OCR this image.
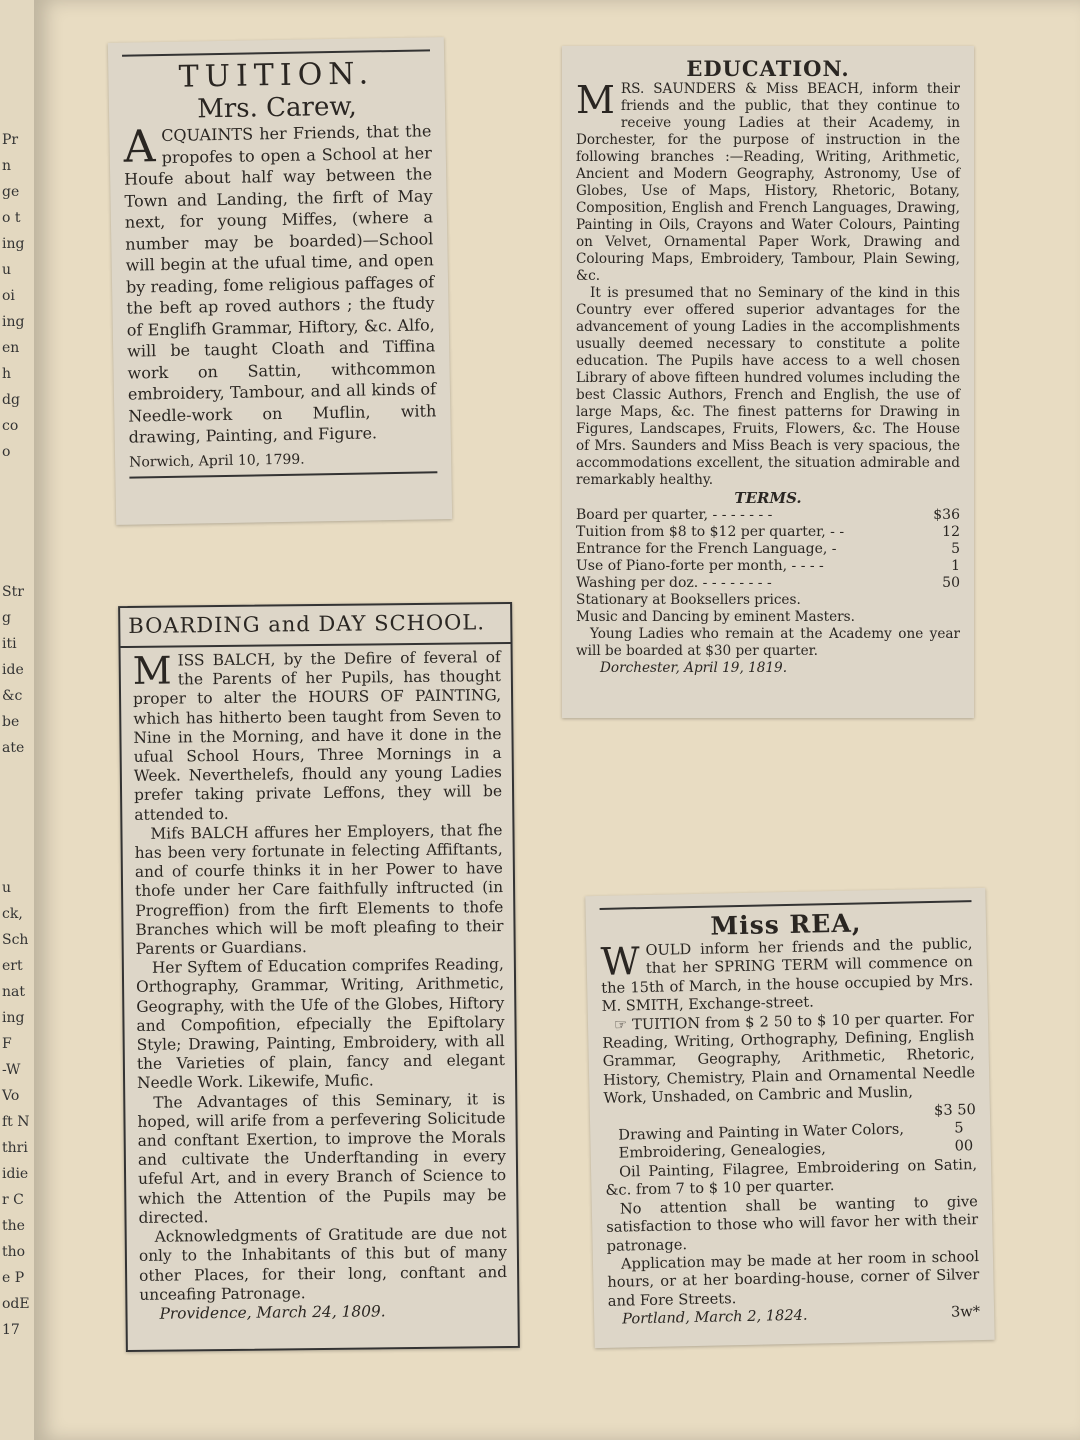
Pr
n
ge
o t
ing
u
oi
ing
en
h
dg
co
o
Str
g
iti
ide
&c
be
ate
u
ck,
Sch
ert
nat
ing
F
-W
Vo
ft N
thri
idie
r C
the
tho
e P
odE
17

TUITION.

Mrs. Carew,

ACQUAINTS her Friends, that the propofes to open a School at her Houfe about half way between the Town and Landing, the firft of May next, for young Miffes, (where a number may be boarded)—School will begin at the ufual time, and open by reading, fome religious paffages of the beft ap roved authors ; the ftudy of Englifh Grammar, Hiftory, &c. Alfo, will be taught Cloath and Tiffina work on Sattin, withcommon embroidery, Tambour, and all kinds of Needle-work on Muflin, with drawing, Painting, and Figure.

Norwich, April 10, 1799.

EDUCATION.

MRS. SAUNDERS & Miss BEACH, inform their friends and the public, that they continue to receive young Ladies at their Academy, in Dorchester, for the purpose of instruction in the following branches :—Reading, Writing, Arithmetic, Ancient and Modern Geography, Astronomy, Use of Globes, Use of Maps, History, Rhetoric, Botany, Composition, English and French Languages, Drawing, Painting in Oils, Crayons and Water Colours, Painting on Velvet, Ornamental Paper Work, Drawing and Colouring Maps, Embroidery, Tambour, Plain Sewing, &c.

It is presumed that no Seminary of the kind in this Country ever offered superior advantages for the advancement of young Ladies in the accomplishments usually deemed necessary to constitute a polite education. The Pupils have access to a well chosen Library of above fifteen hundred volumes including the best Classic Authors, French and English, the use of large Maps, &c. The finest patterns for Drawing in Figures, Landscapes, Fruits, Flowers, &c. The House of Mrs. Saunders and Miss Beach is very spacious, the accommodations excellent, the situation admirable and remarkably healthy.

TERMS.

Board per quarter, - - - - - - -	$36
Tuition from $8 to $12 per quarter, - -	12
Entrance for the French Language, -	5
Use of Piano-forte per month, - - - -	1
Washing per doz. - - - - - - - -	50

Stationary at Booksellers prices.

Music and Dancing by eminent Masters.

Young Ladies who remain at the Academy one year will be boarded at $30 per quarter.

Dorchester, April 19, 1819.

BOARDING and DAY SCHOOL.

MISS BALCH, by the Defire of feveral of the Parents of her Pupils, has thought proper to alter the HOURS OF PAINTING, which has hitherto been taught from Seven to Nine in the Morning, and have it done in the ufual School Hours, Three Mornings in a Week. Neverthelefs, fhould any young Ladies prefer taking private Leffons, they will be attended to.

Mifs BALCH affures her Employers, that fhe has been very fortunate in felecting Affiftants, and of courfe thinks it in her Power to have thofe under her Care faithfully inftructed (in Progreffion) from the firft Elements to thofe Branches which will be moft pleafing to their Parents or Guardians.

Her Syftem of Education comprifes Reading, Orthography, Grammar, Writing, Arithmetic, Geography, with the Ufe of the Globes, Hiftory and Compofition, efpecially the Epiftolary Style; Drawing, Painting, Embroidery, with all the Varieties of plain, fancy and elegant Needle Work. Likewife, Mufic.

The Advantages of this Seminary, it is hoped, will arife from a perfevering Solicitude and conftant Exertion, to improve the Morals and cultivate the Underftanding in every ufeful Art, and in every Branch of Science to which the Attention of the Pupils may be directed.

Acknowledgments of Gratitude are due not only to the Inhabitants of this but of many other Places, for their long, conftant and unceafing Patronage.

Providence, March 24, 1809.

Miss REA,

WOULD inform her friends and the public, that her SPRING TERM will commence on the 15th of March, in the house occupied by Mrs. M. SMITH, Exchange-street.

☞ TUITION from $ 2 50 to $ 10 per quarter. For Reading, Writing, Orthography, Defining, English Grammar, Geography, Arithmetic, Rhetoric, History, Chemistry, Plain and Ornamental Needle Work, Unshaded, on Cambric and Muslin,

$3 50
Drawing and Painting in Water Colors, Embroidering, Genealogies,
5 00

Oil Painting, Filagree, Embroidering on Satin, &c. from 7 to $ 10 per quarter.

No attention shall be wanting to give satisfaction to those who will favor her with their patronage.

Application may be made at her room in school hours, or at her boarding-house, corner of Silver and Fore Streets.

Portland, March 2, 1824.	3w*
